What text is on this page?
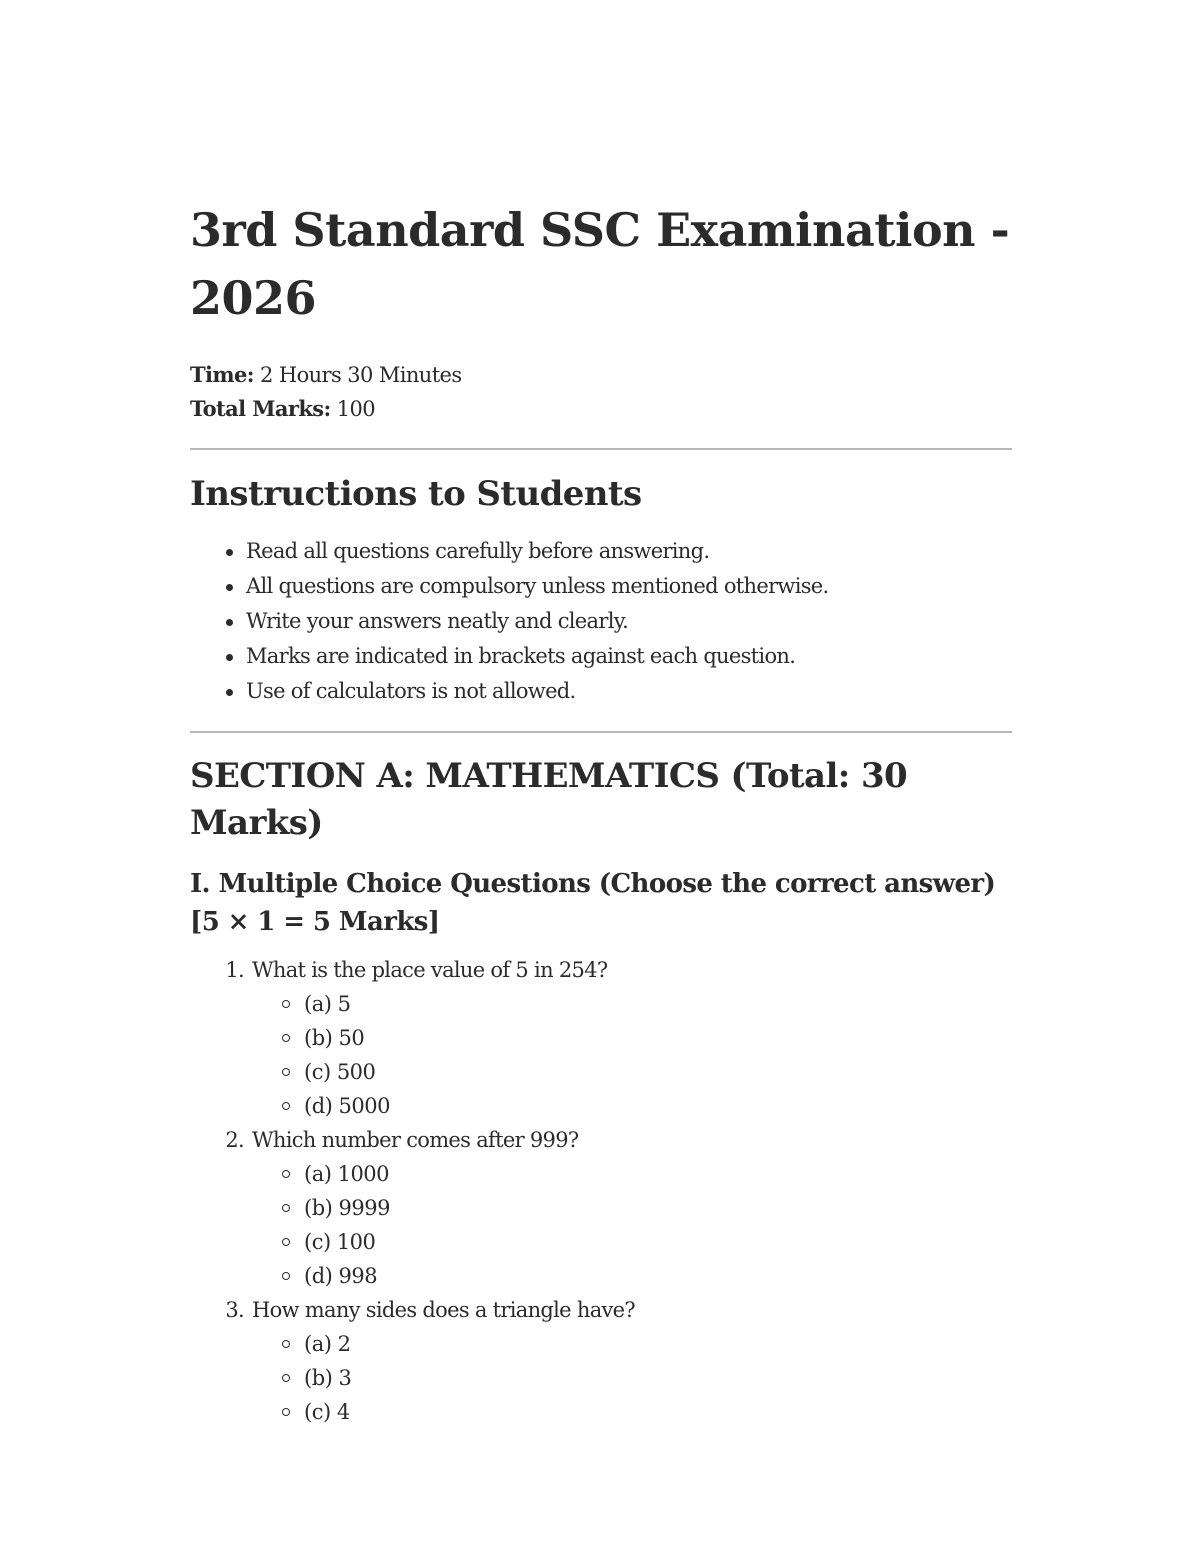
3rd Standard SSC Examination - 2026

Time: 2 Hours 30 Minutes

Total Marks: 100

Instructions to Students
Read all questions carefully before answering.
All questions are compulsory unless mentioned otherwise.
Write your answers neatly and clearly.
Marks are indicated in brackets against each question.
Use of calculators is not allowed.
SECTION A: MATHEMATICS (Total: 30 Marks)
I. Multiple Choice Questions (Choose the correct answer) [5 × 1 = 5 Marks]
1. What is the place value of 5 in 254?
(a) 5
(b) 50
(c) 500
(d) 5000
2. Which number comes after 999?
(a) 1000
(b) 9999
(c) 100
(d) 998
3. How many sides does a triangle have?
(a) 2
(b) 3
(c) 4
